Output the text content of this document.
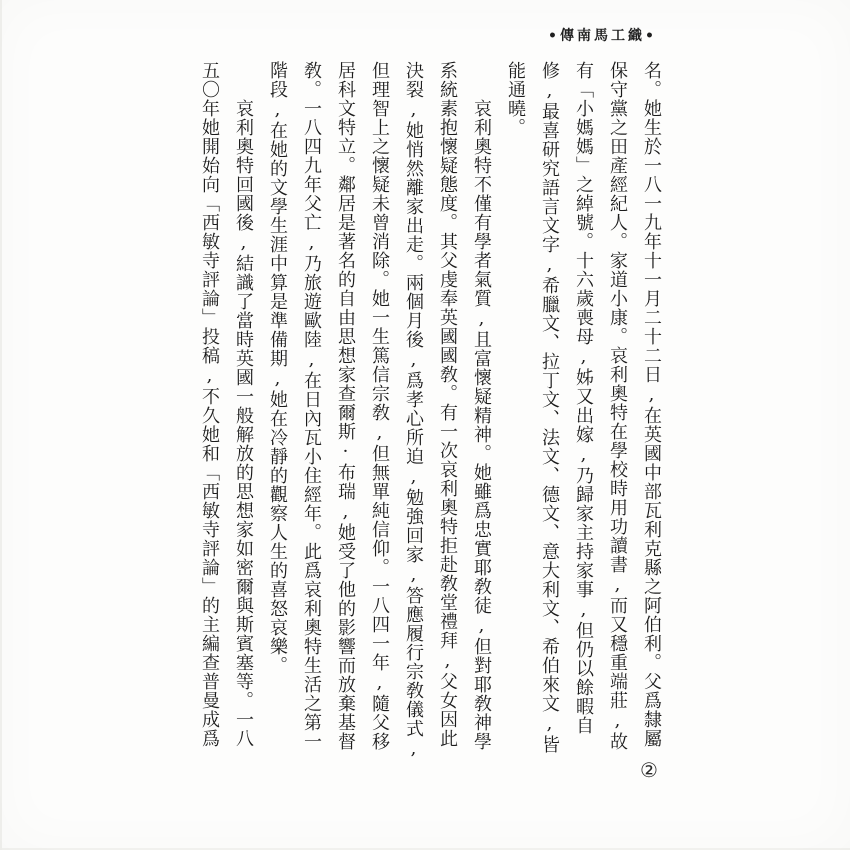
•傳南馬工織•
名。她生於一八一九年十一月二十二日,在英國中部瓦利克縣之阿伯利。父爲隸屬
保守黨之田產經紀人。家道小康。哀利奧特在學校時用功讀書,而又穩重端莊,故
有「小媽媽」之綽號。十六歲喪母,姊又出嫁,乃歸家主持家事,但仍以餘暇自
修,最喜研究語言文字,希臘文、拉丁文、法文、德文、意大利文、希伯來文,皆
能通曉。
哀利奧特不僅有學者氣質,且富懷疑精神。她雖爲忠實耶敎徒,但對耶敎神學
系統素抱懷疑態度。其父虔奉英國國敎。有一次哀利奧特拒赴敎堂禮拜,父女因此
決裂,她悄然離家出走。兩個月後,爲孝心所迫,勉強回家,答應履行宗敎儀式,
但理智上之懷疑未曾消除。她一生篤信宗敎,但無單純信仰。一八四一年,隨父移
居科文特立。鄰居是著名的自由思想家查爾斯·布瑞,她受了他的影響而放棄基督
敎。一八四九年父亡,乃旅遊歐陸,在日內瓦小住經年。此爲哀利奧特生活之第一
階段,在她的文學生涯中算是準備期,她在冷靜的觀察人生的喜怒哀樂。
哀利奧特回國後,結識了當時英國一般解放的思想家如密爾與斯賓塞等。一八
五〇年她開始向「西敏寺評論」投稿,不久她和「西敏寺評論」的主編查普曼成爲
②
